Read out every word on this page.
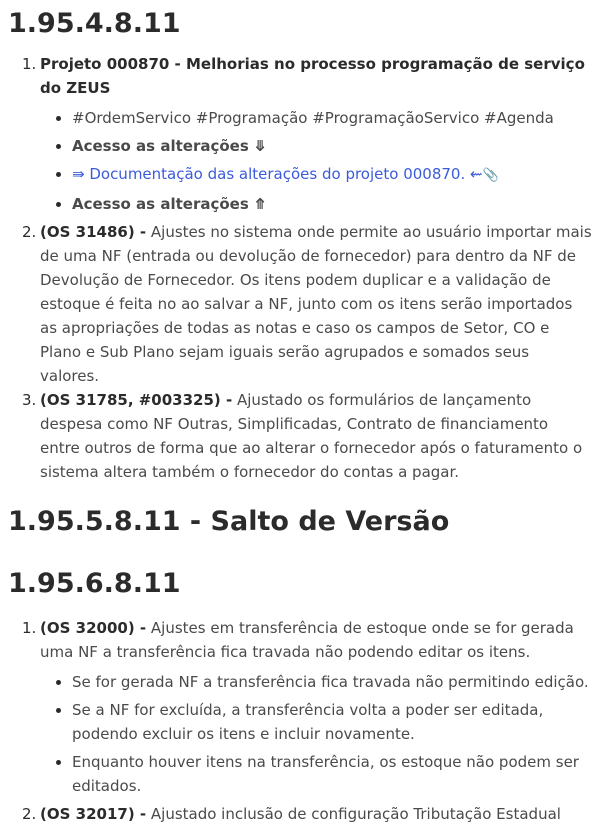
1.95.4.8.11
Projeto 000870 - Melhorias no processo programação de serviço do ZEUS
#OrdemServico #Programação #ProgramaçãoServico #Agenda
Acesso as alterações ⤋
⇛ Documentação das alterações do projeto 000870. ⇜📎
Acesso as alterações ⤊
(OS 31486) - Ajustes no sistema onde permite ao usuário importar mais de uma NF (entrada ou devolução de fornecedor) para dentro da NF de Devolução de Fornecedor. Os itens podem duplicar e a validação de estoque é feita no ao salvar a NF, junto com os itens serão importados as apropriações de todas as notas e caso os campos de Setor, CO e Plano e Sub Plano sejam iguais serão agrupados e somados seus valores.
(OS 31785, #003325) - Ajustado os formulários de lançamento despesa como NF Outras, Simplificadas, Contrato de financiamento entre outros de forma que ao alterar o fornecedor após o faturamento o sistema altera também o fornecedor do contas a pagar.
1.95.5.8.11 - Salto de Versão
1.95.6.8.11
(OS 32000) - Ajustes em transferência de estoque onde se for gerada uma NF a transferência fica travada não podendo editar os itens.
Se for gerada NF a transferência fica travada não permitindo edição.
Se a NF for excluída, a transferência volta a poder ser editada, podendo excluir os itens e incluir novamente.
Enquanto houver itens na transferência, os estoque não podem ser editados.
(OS 32017) - Ajustado inclusão de configuração Tributação Estadual
